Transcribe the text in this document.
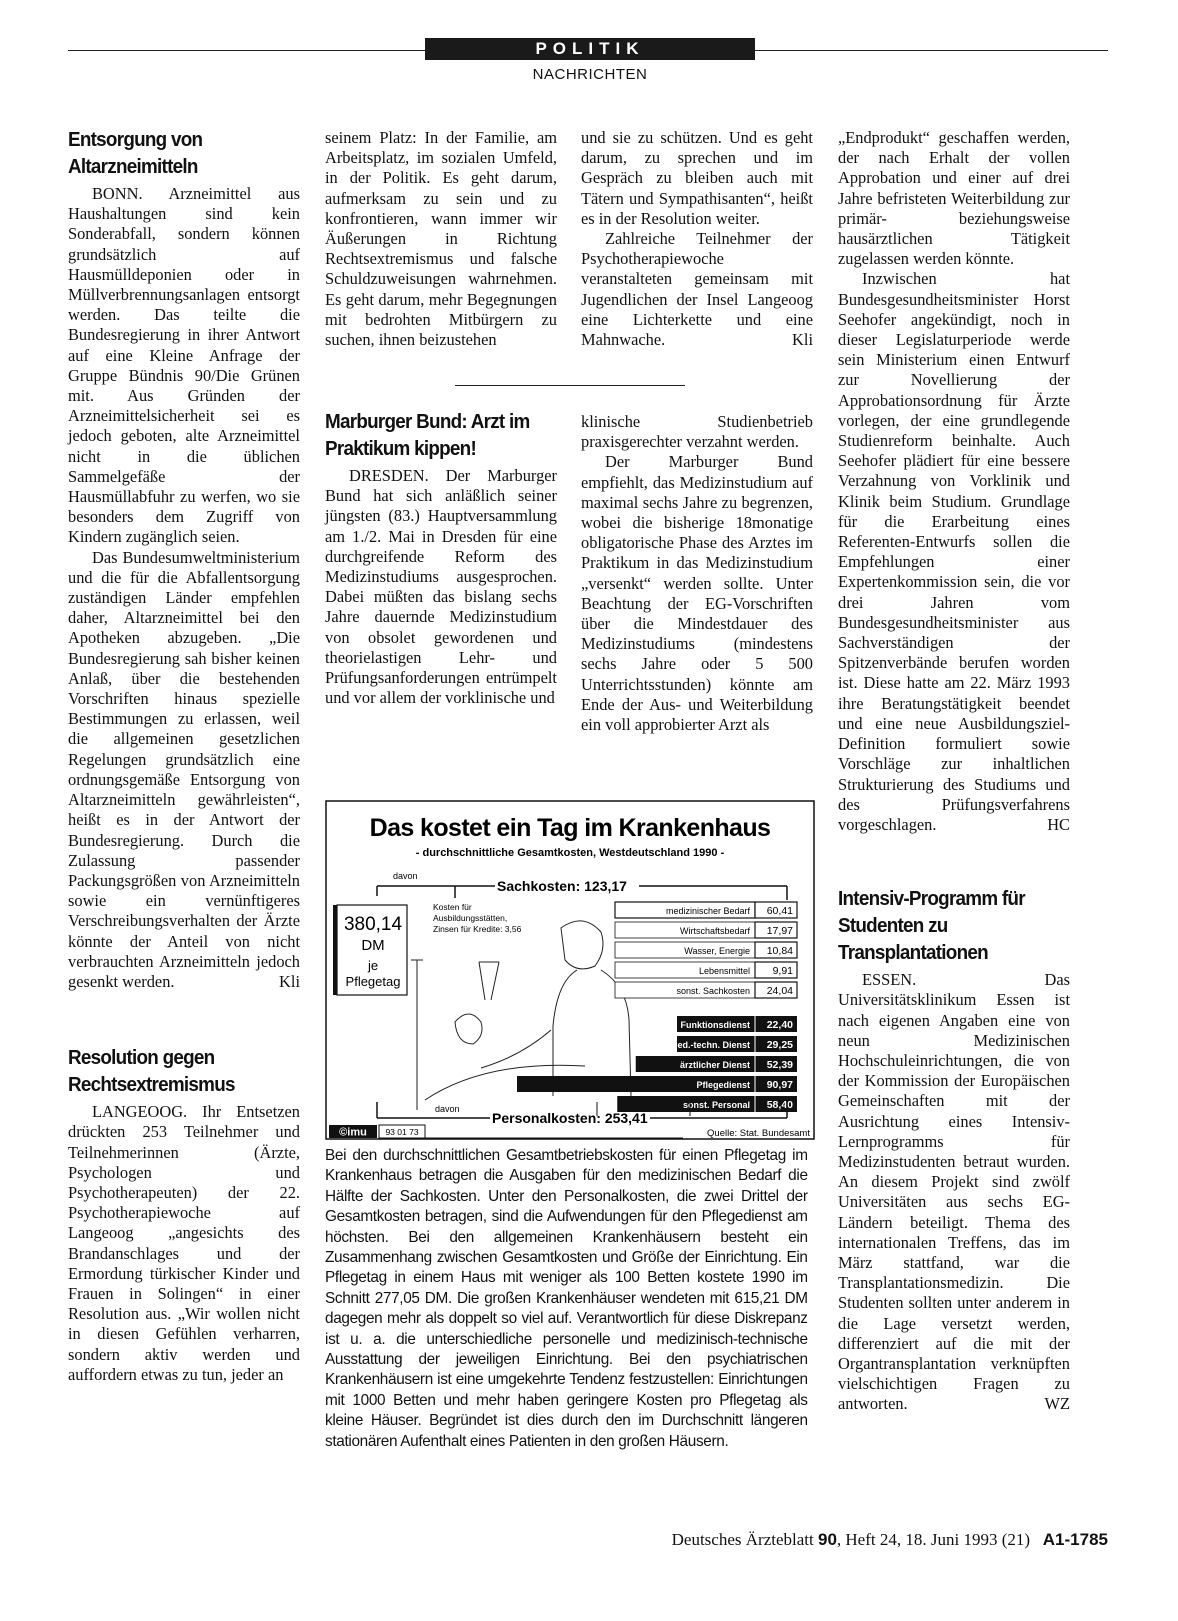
POLITIK
NACHRICHTEN
Entsorgung von Altarzneimitteln

BONN. Arzneimittel aus Haushaltungen sind kein Sonderabfall, sondern können grundsätzlich auf Hausmülldeponien oder in Müllverbrennungsanlagen entsorgt werden. Das teilte die Bundesregierung in ihrer Antwort auf eine Kleine Anfrage der Gruppe Bündnis 90/Die Grünen mit. Aus Gründen der Arzneimittelsicherheit sei es jedoch geboten, alte Arzneimittel nicht in die üblichen Sammelgefäße der Hausmüllabfuhr zu werfen, wo sie besonders dem Zugriff von Kindern zugänglich seien.

Das Bundesumweltministerium und die für die Abfallentsorgung zuständigen Länder empfehlen daher, Altarzneimittel bei den Apotheken abzugeben. „Die Bundesregierung sah bisher keinen Anlaß, über die bestehenden Vorschriften hinaus spezielle Bestimmungen zu erlassen, weil die allgemeinen gesetzlichen Regelungen grundsätzlich eine ordnungsgemäße Entsorgung von Altarzneimitteln gewährleisten“, heißt es in der Antwort der Bundesregierung. Durch die Zulassung passender Packungsgrößen von Arzneimitteln sowie ein vernünftigeres Verschreibungsverhalten der Ärzte könnte der Anteil von nicht verbrauchten Arzneimitteln jedoch gesenkt werden.	Kli

Resolution gegen Rechtsextremismus

LANGEOOG. Ihr Entsetzen drückten 253 Teilnehmer und Teilnehmerinnen (Ärzte, Psychologen und Psychotherapeuten) der 22. Psychotherapiewoche auf Langeoog „angesichts des Brandanschlages und der Ermordung türkischer Kinder und Frauen in Solingen“ in einer Resolution aus. „Wir wollen nicht in diesen Gefühlen verharren, sondern aktiv werden und auffordern etwas zu tun, jeder an

seinem Platz: In der Familie, am Arbeitsplatz, im sozialen Umfeld, in der Politik. Es geht darum, aufmerksam zu sein und zu konfrontieren, wann immer wir Äußerungen in Richtung Rechtsextremismus und falsche Schuldzuweisungen wahrnehmen. Es geht darum, mehr Begegnungen mit bedrohten Mitbürgern zu suchen, ihnen beizustehen

und sie zu schützen. Und es geht darum, zu sprechen und im Gespräch zu bleiben auch mit Tätern und Sympathisanten“, heißt es in der Resolution weiter.

Zahlreiche Teilnehmer der Psychotherapiewoche veranstalteten gemeinsam mit Jugendlichen der Insel Langeoog eine Lichterkette und eine Mahnwache.	Kli

Marburger Bund: Arzt im Praktikum kippen!

DRESDEN. Der Marburger Bund hat sich anläßlich seiner jüngsten (83.) Hauptversammlung am 1./2. Mai in Dresden für eine durchgreifende Reform des Medizinstudiums ausgesprochen. Dabei müßten das bislang sechs Jahre dauernde Medizinstudium von obsolet gewordenen und theorielastigen Lehr- und Prüfungsanforderungen entrümpelt und vor allem der vorklinische und

klinische Studienbetrieb praxisgerechter verzahnt werden.

Der Marburger Bund empfiehlt, das Medizinstudium auf maximal sechs Jahre zu begrenzen, wobei die bisherige 18monatige obligatorische Phase des Arztes im Praktikum in das Medizinstudium „versenkt“ werden sollte. Unter Beachtung der EG-Vorschriften über die Mindestdauer des Medizinstudiums (mindestens sechs Jahre oder 5 500 Unterrichtsstunden) könnte am Ende der Aus- und Weiterbildung ein voll approbierter Arzt als

„Endprodukt“ geschaffen werden, der nach Erhalt der vollen Approbation und einer auf drei Jahre befristeten Weiterbildung zur primär- beziehungsweise hausärztlichen Tätigkeit zugelassen werden könnte.

Inzwischen hat Bundesgesundheitsminister Horst Seehofer angekündigt, noch in dieser Legislaturperiode werde sein Ministerium einen Entwurf zur Novellierung der Approbationsordnung für Ärzte vorlegen, der eine grundlegende Studienreform beinhalte. Auch Seehofer plädiert für eine bessere Verzahnung von Vorklinik und Klinik beim Studium. Grundlage für die Erarbeitung eines Referenten-Entwurfs sollen die Empfehlungen einer Expertenkommission sein, die vor drei Jahren vom Bundesgesundheitsminister aus Sachverständigen der Spitzenverbände berufen worden ist. Diese hatte am 22. März 1993 ihre Beratungstätigkeit beendet und eine neue Ausbildungsziel-Definition formuliert sowie Vorschläge zur inhaltlichen Strukturierung des Studiums und des Prüfungsverfahrens vorgeschlagen.	HC

Intensiv-Programm für Studenten zu Transplantationen

ESSEN. Das Universitätsklinikum Essen ist nach eigenen Angaben eine von neun Medizinischen Hochschuleinrichtungen, die von der Kommission der Europäischen Gemeinschaften mit der Ausrichtung eines Intensiv-Lernprogramms für Medizinstudenten betraut wurden. An diesem Projekt sind zwölf Universitäten aus sechs EG-Ländern beteiligt. Thema des internationalen Treffens, das im März stattfand, war die Transplantationsmedizin. Die Studenten sollten unter anderem in die Lage versetzt werden, differenziert auf die mit der Organtransplantation verknüpften vielschichtigen Fragen zu antworten.	WZ

Das kostet ein Tag im Krankenhaus
- durchschnittliche Gesamtkosten, Westdeutschland 1990 -
davon
Sachkosten: 123,17
380,14
DM
je
Pflegetag
Kosten für
Ausbildungsstätten,
Zinsen für Kredite: 3,56
medizinischer Bedarf 60,41
Wirtschaftsbedarf 17,97
Wasser, Energie 10,84
Lebensmittel 9,91
sonst. Sachkosten 24,04
Funktionsdienst 22,40
med.-techn. Dienst 29,25
ärztlicher Dienst 52,39
Pflegedienst 90,97
sonst. Personal 58,40
davon
Personalkosten: 253,41
©imu 93 01 73	Quelle: Stat. Bundesamt
Bei den durchschnittlichen Gesamtbetriebskosten für einen Pflegetag im Krankenhaus betragen die Ausgaben für den medizinischen Bedarf die Hälfte der Sachkosten. Unter den Personalkosten, die zwei Drittel der Gesamtkosten betragen, sind die Aufwendungen für den Pflegedienst am höchsten. Bei den allgemeinen Krankenhäusern besteht ein Zusammenhang zwischen Gesamtkosten und Größe der Einrichtung. Ein Pflegetag in einem Haus mit weniger als 100 Betten kostete 1990 im Schnitt 277,05 DM. Die großen Krankenhäuser wendeten mit 615,21 DM dagegen mehr als doppelt so viel auf. Verantwortlich für diese Diskrepanz ist u. a. die unterschiedliche personelle und medizinisch-technische Ausstattung der jeweiligen Einrichtung. Bei den psychiatrischen Krankenhäusern ist eine umgekehrte Tendenz festzustellen: Einrichtungen mit 1000 Betten und mehr haben geringere Kosten pro Pflegetag als kleine Häuser. Begründet ist dies durch den im Durchschnitt längeren stationären Aufenthalt eines Patienten in den großen Häusern.
Deutsches Ärzteblatt 90, Heft 24, 18. Juni 1993 (21) A1-1785
